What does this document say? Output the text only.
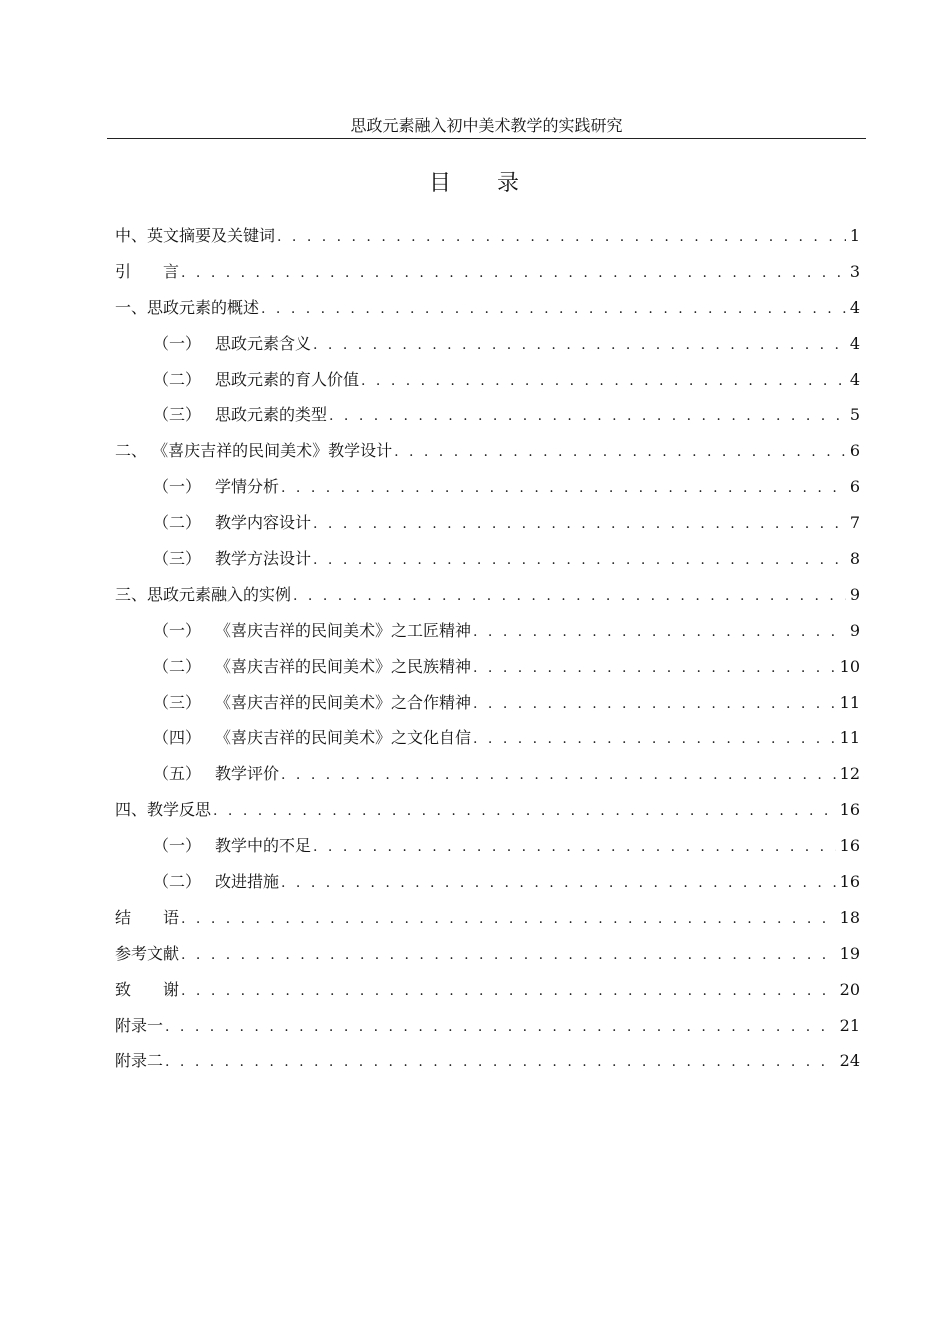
思政元素融入初中美术教学的实践研究
目 录
中、英文摘要及关键词 . . .	1
引　　言 . . .	3
一、思政元素的概述 . . .	4
（一） 思政元素含义 . . .	4
（二） 思政元素的育人价值 . . .	4
（三） 思政元素的类型 . . .	5
二、 《喜庆吉祥的民间美术》教学设计 . . .	6
（一） 学情分析 . . .	6
（二） 教学内容设计 . . .	7
（三） 教学方法设计 . . .	8
三、思政元素融入的实例 . . .	9
（一） 《喜庆吉祥的民间美术》之工匠精神 . . .	9
（二） 《喜庆吉祥的民间美术》之民族精神 . . .	10
（三） 《喜庆吉祥的民间美术》之合作精神 . . .	11
（四） 《喜庆吉祥的民间美术》之文化自信 . . .	11
（五） 教学评价 . . .	12
四、教学反思 . . .	16
（一） 教学中的不足 . . .	16
（二） 改进措施 . . .	16
结　　语 . . .	18
参考文献 . . .	19
致　　谢 . . .	20
附录一 . . .	21
附录二 . . .	24
